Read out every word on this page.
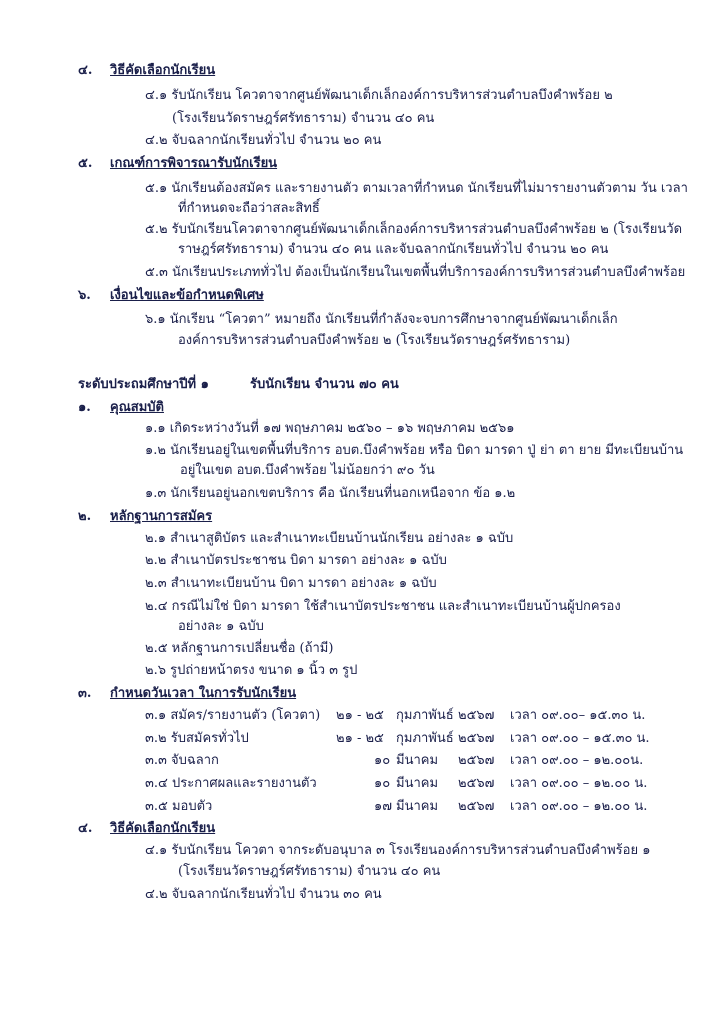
๔. วิธีคัดเลือกนักเรียน
๔.๑ รับนักเรียน โควตาจากศูนย์พัฒนาเด็กเล็กองค์การบริหารส่วนตำบลบึงคำพร้อย ๒
(โรงเรียนวัดราษฎร์ศรัทธาราม) จำนวน ๔๐ คน
๔.๒ จับฉลากนักเรียนทั่วไป จำนวน ๒๐ คน
๕. เกณฑ์การพิจารณารับนักเรียน
๕.๑ นักเรียนต้องสมัคร และรายงานตัว ตามเวลาที่กำหนด นักเรียนที่ไม่มารายงานตัวตาม วัน เวลา
ที่กำหนดจะถือว่าสละสิทธิ์
๕.๒ รับนักเรียนโควตาจากศูนย์พัฒนาเด็กเล็กองค์การบริหารส่วนตำบลบึงคำพร้อย ๒ (โรงเรียนวัด
ราษฎร์ศรัทธาราม) จำนวน ๔๐ คน และจับฉลากนักเรียนทั่วไป จำนวน ๒๐ คน
๕.๓ นักเรียนประเภททั่วไป ต้องเป็นนักเรียนในเขตพื้นที่บริการองค์การบริหารส่วนตำบลบึงคำพร้อย
๖. เงื่อนไขและข้อกำหนดพิเศษ
๖.๑ นักเรียน “โควตา” หมายถึง นักเรียนที่กำลังจะจบการศึกษาจากศูนย์พัฒนาเด็กเล็ก
องค์การบริหารส่วนตำบลบึงคำพร้อย ๒ (โรงเรียนวัดราษฎร์ศรัทธาราม)
ระดับประถมศึกษาปีที่ ๑	รับนักเรียน จำนวน ๗๐ คน
๑. คุณสมบัติ
๑.๑ เกิดระหว่างวันที่ ๑๗ พฤษภาคม ๒๕๖๐ – ๑๖ พฤษภาคม ๒๕๖๑
๑.๒ นักเรียนอยู่ในเขตพื้นที่บริการ อบต.บึงคำพร้อย หรือ บิดา มารดา ปู่ ย่า ตา ยาย มีทะเบียนบ้าน
อยู่ในเขต อบต.บึงคำพร้อย ไม่น้อยกว่า ๙๐ วัน
๑.๓ นักเรียนอยู่นอกเขตบริการ คือ นักเรียนที่นอกเหนือจาก ข้อ ๑.๒
๒. หลักฐานการสมัคร
๒.๑ สำเนาสูติบัตร และสำเนาทะเบียนบ้านนักเรียน อย่างละ ๑ ฉบับ
๒.๒ สำเนาบัตรประชาชน บิดา มารดา อย่างละ ๑ ฉบับ
๒.๓ สำเนาทะเบียนบ้าน บิดา มารดา อย่างละ ๑ ฉบับ
๒.๔ กรณีไม่ใช่ บิดา มารดา ใช้สำเนาบัตรประชาชน และสำเนาทะเบียนบ้านผู้ปกครอง
อย่างละ ๑ ฉบับ
๒.๕ หลักฐานการเปลี่ยนชื่อ (ถ้ามี)
๒.๖ รูปถ่ายหน้าตรง ขนาด ๑ นิ้ว ๓ รูป
๓. กำหนดวันเวลา ในการรับนักเรียน
๓.๑ สมัคร/รายงานตัว (โควตา) ๒๑ - ๒๕ กุมภาพันธ์ ๒๕๖๗ เวลา ๐๙.๐๐– ๑๕.๓๐ น.
๓.๒ รับสมัครทั่วไป	๒๑ - ๒๕ กุมภาพันธ์ ๒๕๖๗ เวลา ๐๙.๐๐ – ๑๕.๓๐ น.
๓.๓ จับฉลาก	๑๐ มีนาคม ๒๕๖๗ เวลา ๐๙.๐๐ – ๑๒.๐๐น.
๓.๔ ประกาศผลและรายงานตัว	๑๐ มีนาคม ๒๕๖๗ เวลา ๐๙.๐๐ – ๑๒.๐๐ น.
๓.๕ มอบตัว	๑๗ มีนาคม ๒๕๖๗ เวลา ๐๙.๐๐ – ๑๒.๐๐ น.
๔. วิธีคัดเลือกนักเรียน
๔.๑ รับนักเรียน โควตา จากระดับอนุบาล ๓ โรงเรียนองค์การบริหารส่วนตำบลบึงคำพร้อย ๑
(โรงเรียนวัดราษฎร์ศรัทธาราม) จำนวน ๔๐ คน
๔.๒ จับฉลากนักเรียนทั่วไป จำนวน ๓๐ คน
